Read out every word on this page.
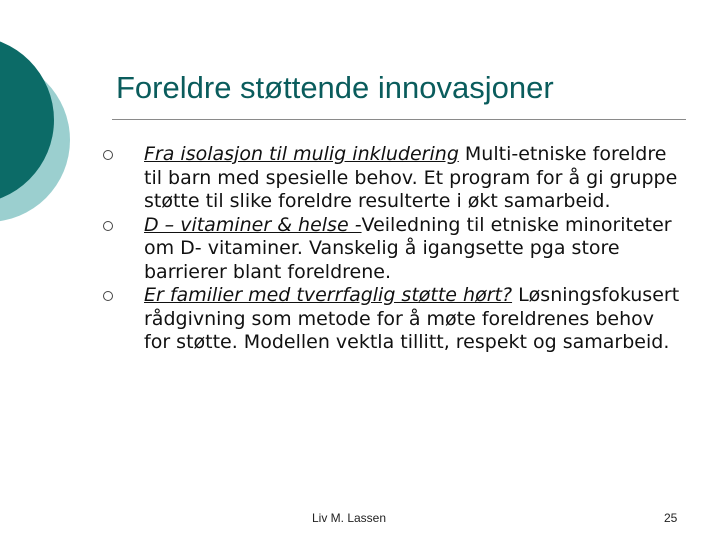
Foreldre støttende innovasjoner
Fra isolasjon til mulig inkludering Multi-etniske foreldre til barn med spesielle behov. Et program for å gi gruppe støtte til slike foreldre resulterte i økt samarbeid.
D – vitaminer & helse -Veiledning til etniske minoriteter om D- vitaminer. Vanskelig å igangsette pga store barrierer blant foreldrene.
Er familier med tverrfaglig støtte hørt? Løsningsfokusert rådgivning som metode for å møte foreldrenes behov for støtte. Modellen vektla tillitt, respekt og samarbeid.
Liv M. Lassen	25
